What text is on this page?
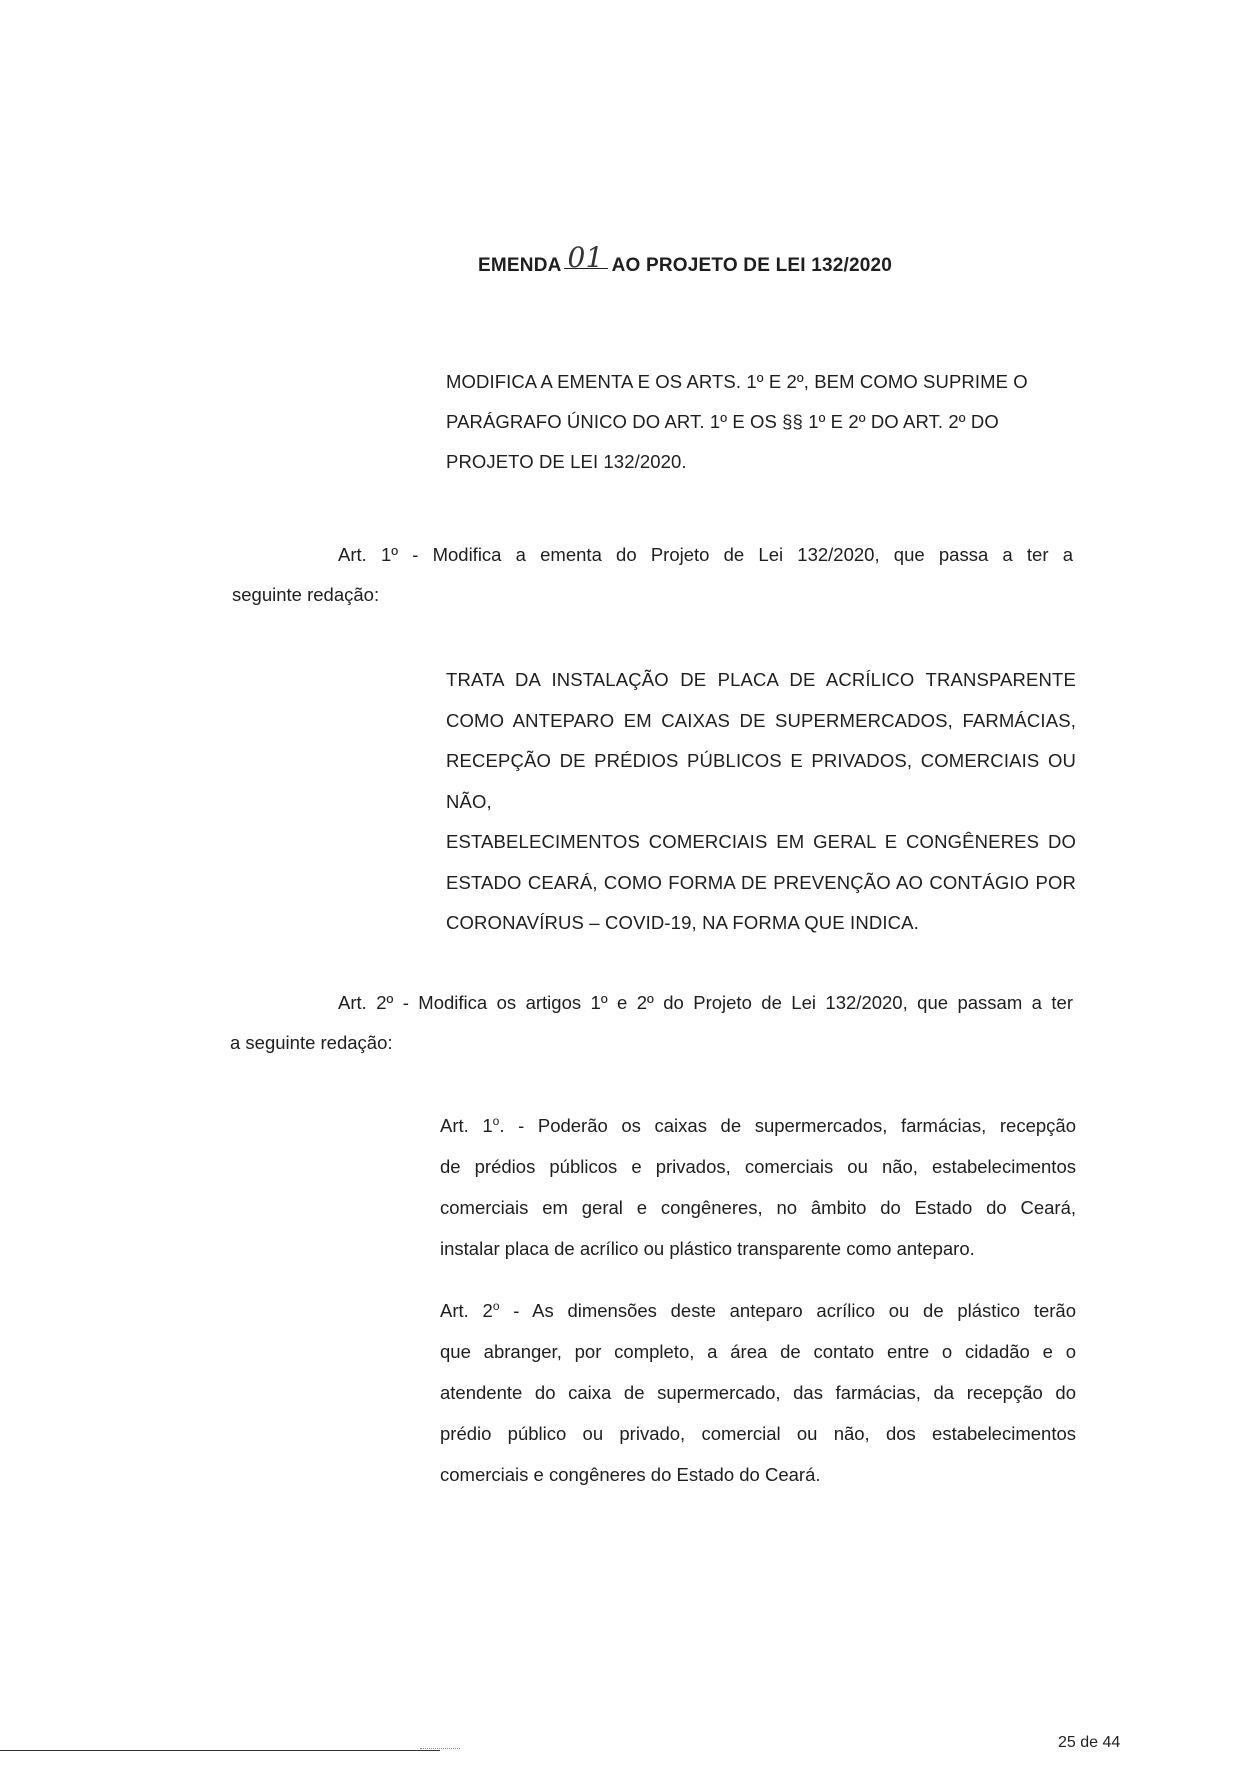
EMENDA 01 AO PROJETO DE LEI 132/2020
MODIFICA A EMENTA E OS ARTS. 1º E 2º, BEM COMO SUPRIME O
PARÁGRAFO ÚNICO DO ART. 1º E OS §§ 1º E 2º DO ART. 2º DO
PROJETO DE LEI 132/2020.
Art. 1º - Modifica a ementa do Projeto de Lei 132/2020, que passa a ter a
seguinte redação:

TRATA DA INSTALAÇÃO DE PLACA DE ACRÍLICO TRANSPARENTE

COMO ANTEPARO EM CAIXAS DE SUPERMERCADOS, FARMÁCIAS,

RECEPÇÃO DE PRÉDIOS PÚBLICOS E PRIVADOS, COMERCIAIS OU NÃO,

ESTABELECIMENTOS COMERCIAIS EM GERAL E CONGÊNERES DO

ESTADO CEARÁ, COMO FORMA DE PREVENÇÃO AO CONTÁGIO POR

CORONAVÍRUS – COVID-19, NA FORMA QUE INDICA.

Art. 2º - Modifica os artigos 1º e 2º do Projeto de Lei 132/2020, que passam a ter
a seguinte redação:

Art. 1$^o$. - Poderão os caixas de supermercados, farmácias, recepção

de prédios públicos e privados, comerciais ou não, estabelecimentos

comerciais em geral e congêneres, no âmbito do Estado do Ceará,

instalar placa de acrílico ou plástico transparente como anteparo.

Art. 2$^o$ - As dimensões deste anteparo acrílico ou de plástico terão

que abranger, por completo, a área de contato entre o cidadão e o

atendente do caixa de supermercado, das farmácias, da recepção do

prédio público ou privado, comercial ou não, dos estabelecimentos

comerciais e congêneres do Estado do Ceará.

25 de 44
